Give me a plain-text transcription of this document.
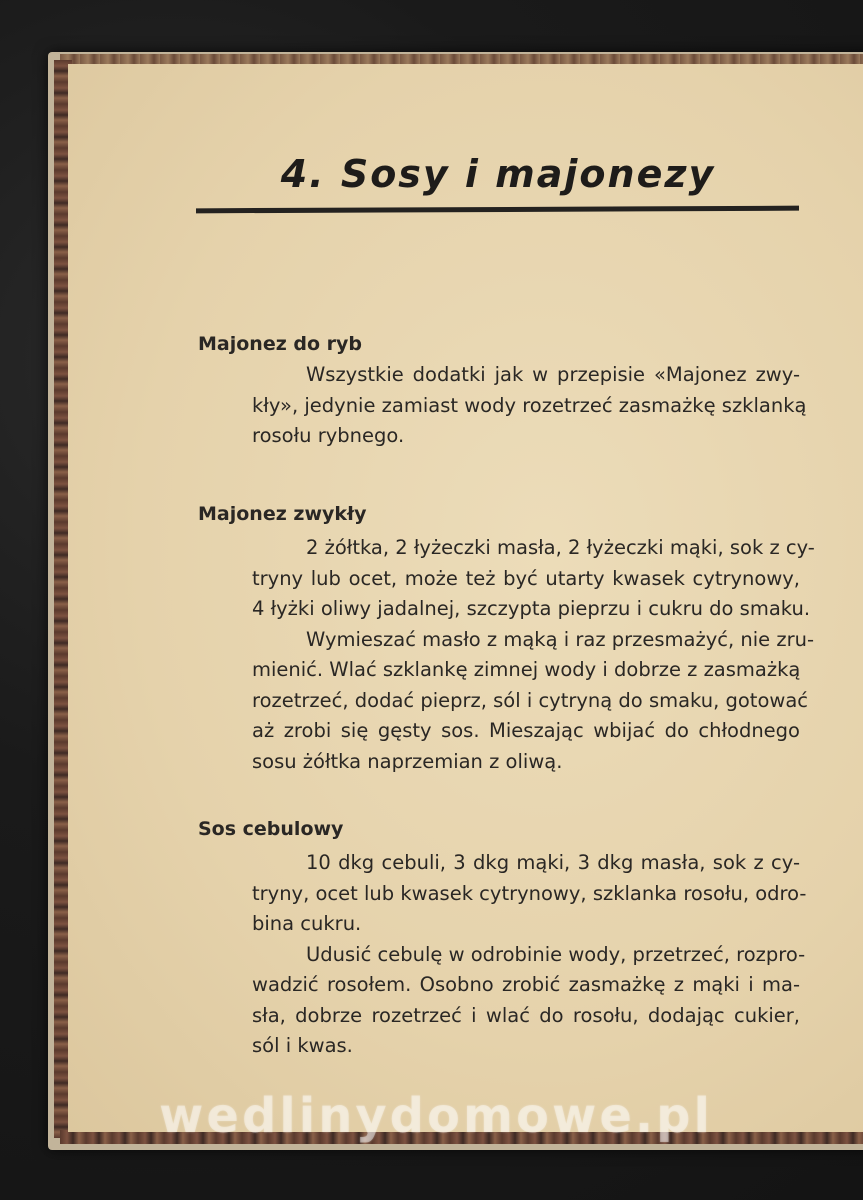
4. Sosy i majonezy
Majonez do ryb

Wszystkie dodatki jak w przepisie «Majonez zwy-
kły», jedynie zamiast wody rozetrzeć zasmażkę szklanką
rosołu rybnego.

Majonez zwykły

2 żółtka, 2 łyżeczki masła, 2 łyżeczki mąki, sok z cy-
tryny lub ocet, może też być utarty kwasek cytrynowy,
4 łyżki oliwy jadalnej, szczypta pieprzu i cukru do smaku.

Wymieszać masło z mąką i raz przesmażyć, nie zru-
mienić. Wlać szklankę zimnej wody i dobrze z zasmażką
rozetrzeć, dodać pieprz, sól i cytryną do smaku, gotować
aż zrobi się gęsty sos. Mieszając wbijać do chłodnego
sosu żółtka naprzemian z oliwą.

Sos cebulowy

10 dkg cebuli, 3 dkg mąki, 3 dkg masła, sok z cy-
tryny, ocet lub kwasek cytrynowy, szklanka rosołu, odro-
bina cukru.

Udusić cebulę w odrobinie wody, przetrzeć, rozpro-
wadzić rosołem. Osobno zrobić zasmażkę z mąki i ma-
sła, dobrze rozetrzeć i wlać do rosołu, dodając cukier,
sól i kwas.

wedlinydomowe.pl
